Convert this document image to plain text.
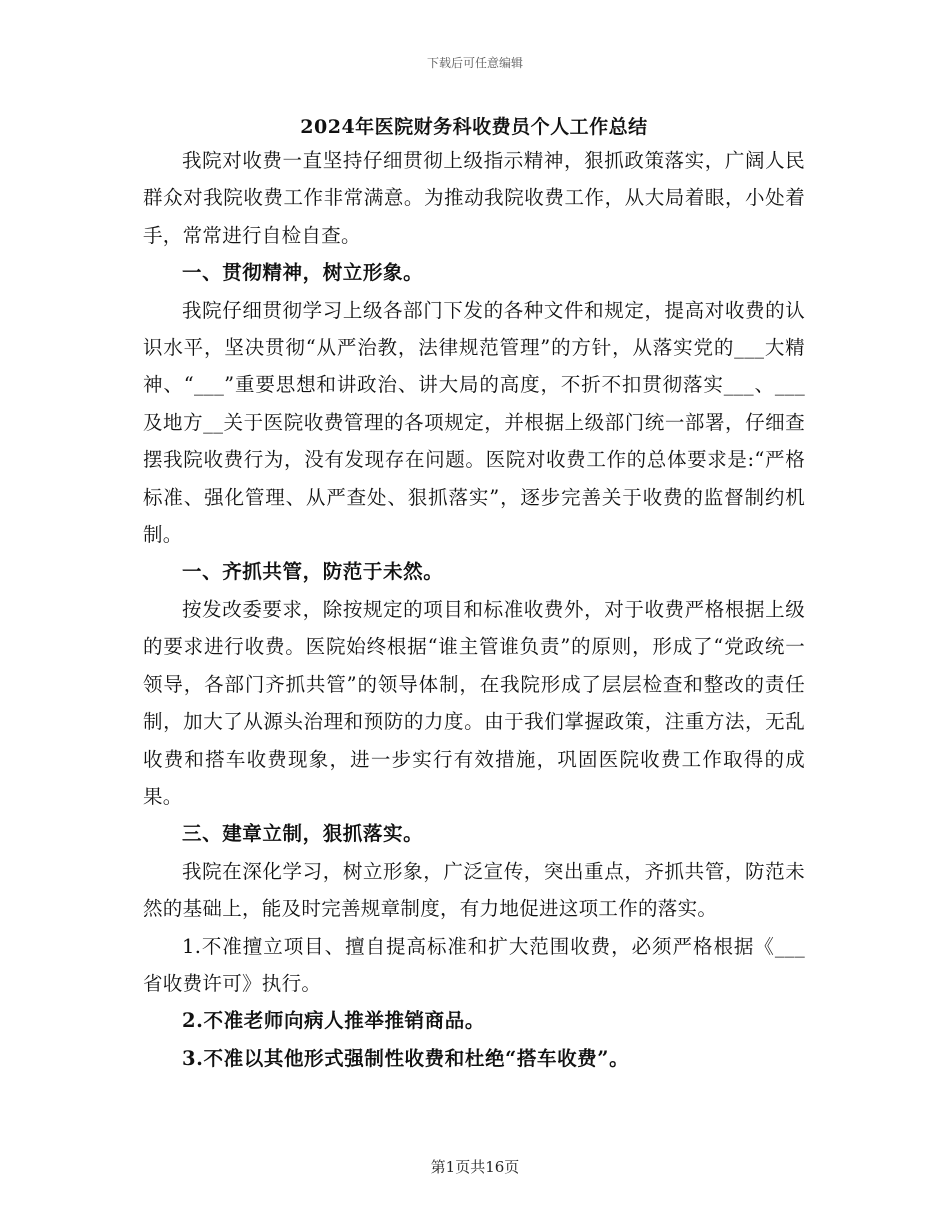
下载后可任意编辑
2024年医院财务科收费员个人工作总结

我院对收费一直坚持仔细贯彻上级指示精神，狠抓政策落实，广阔人民群众对我院收费工作非常满意。为推动我院收费工作，从大局着眼，小处着手，常常进行自检自查。

一、贯彻精神，树立形象。

我院仔细贯彻学习上级各部门下发的各种文件和规定，提高对收费的认识水平，坚决贯彻“从严治教，法律规范管理”的方针，从落实党的___大精神、“___”重要思想和讲政治、讲大局的高度，不折不扣贯彻落实___、___及地方__关于医院收费管理的各项规定，并根据上级部门统一部署，仔细查摆我院收费行为，没有发现存在问题。医院对收费工作的总体要求是:“严格标准、强化管理、从严查处、狠抓落实”，逐步完善关于收费的监督制约机制。

一、齐抓共管，防范于未然。

按发改委要求，除按规定的项目和标准收费外，对于收费严格根据上级的要求进行收费。医院始终根据“谁主管谁负责”的原则，形成了“党政统一领导，各部门齐抓共管”的领导体制，在我院形成了层层检查和整改的责任制，加大了从源头治理和预防的力度。由于我们掌握政策，注重方法，无乱收费和搭车收费现象，进一步实行有效措施，巩固医院收费工作取得的成果。

三、建章立制，狠抓落实。

我院在深化学习，树立形象，广泛宣传，突出重点，齐抓共管，防范未然的基础上，能及时完善规章制度，有力地促进这项工作的落实。

1.不准擅立项目、擅自提高标准和扩大范围收费，必须严格根据《___省收费许可》执行。

2.不准老师向病人推举推销商品。

3.不准以其他形式强制性收费和杜绝“搭车收费”。

第1页共16页
